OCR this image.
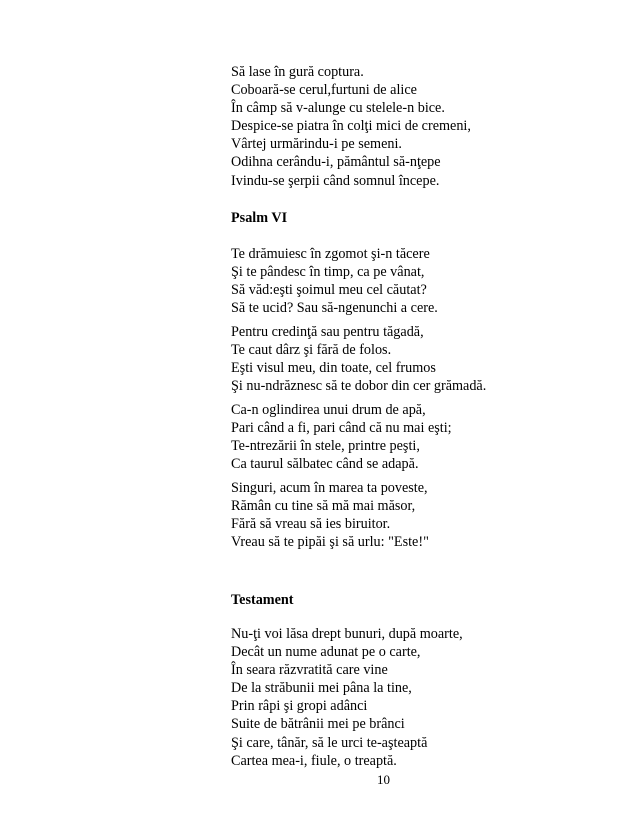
Să lase în gură coptura.
Coboară-se cerul,furtuni de alice
În câmp să v-alunge cu stelele-n bice.
Despice-se piatra în colţi mici de cremeni,
Vârtej urmărindu-i pe semeni.
Odihna cerându-i, pământul să-nţepe
Ivindu-se şerpii când somnul începe.
Psalm VI
Te drămuiesc în zgomot şi-n tăcere
Şi te pândesc în timp, ca pe vânat,
Să văd:eşti şoimul meu cel căutat?
Să te ucid? Sau să-ngenunchi a cere.
Pentru credinţă sau pentru tăgadă,
Te caut dârz şi fără de folos.
Eşti visul meu, din toate, cel frumos
Şi nu-ndrăznesc să te dobor din cer grămadă.
Ca-n oglindirea unui drum de apă,
Pari când a fi, pari când că nu mai eşti;
Te-ntrezării în stele, printre peşti,
Ca taurul sălbatec când se adapă.
Singuri, acum în marea ta poveste,
Rămân cu tine să mă mai măsor,
Fără să vreau să ies biruitor.
Vreau să te pipăi şi să urlu: "Este!"
Testament
Nu-ţi voi lăsa drept bunuri, după moarte,
Decât un nume adunat pe o carte,
În seara răzvratită care vine
De la străbunii mei pâna la tine,
Prin râpi şi gropi adânci
Suite de bătrânii mei pe brânci
Şi care, tânăr, să le urci te-aşteaptă
Cartea mea-i, fiule, o treaptă.
10
